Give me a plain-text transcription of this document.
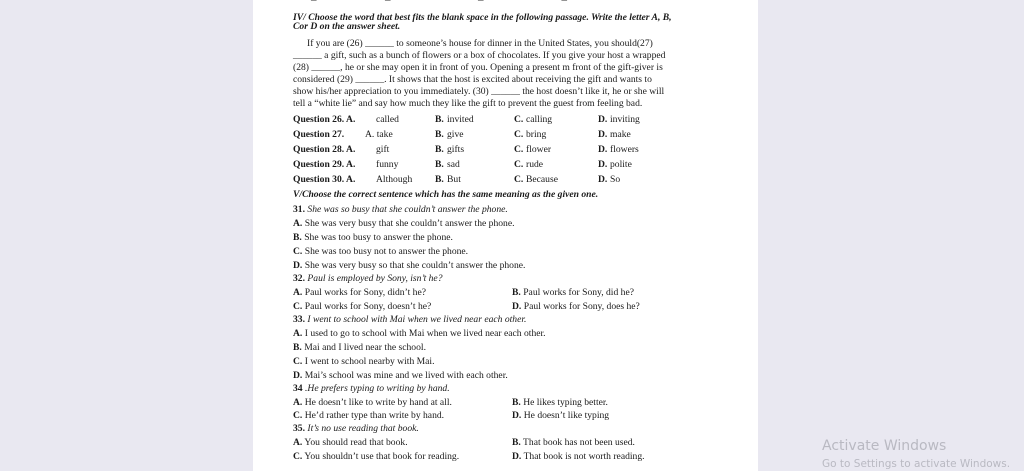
–              –                  –                –
IV/ Choose the word that best fits the blank space in the following passage. Write the letter A, B,
Cor D on the answer sheet.
If you are (26) ______ to someone’s house for dinner in the United States, you should(27)
______ a gift, such as a bunch of flowers or a box of chocolates. If you give your host a wrapped
(28) ______, he or she may open it in front of you. Opening a present m front of the gift-giver is
considered (29) ______. It shows that the host is excited about receiving the gift and wants to
show his/her appreciation to you immediately. (30) ______ the host doesn’t like it, he or she will
tell a “white lie” and say how much they like the gift to prevent the guest from feeling bad.
Question 26. A. called	B. invited	C. calling	D. inviting
Question 27. A. take	B. give	C. bring	D. make
Question 28. A. gift	B. gifts	C. flower	D. flowers
Question 29. A. funny	B. sad	C. rude	D. polite
Question 30. A. Although B. But	C. Because	D. So
V/Choose the correct sentence which has the same meaning as the given one.
31. She was so busy that she couldn’t answer the phone.
A. She was very busy that she couldn’t answer the phone.
B. She was too busy to answer the phone.
C. She was too busy not to answer the phone.
D. She was very busy so that she couldn’t answer the phone.
32. Paul is employed by Sony, isn’t he?
A. Paul works for Sony, didn’t he?	B. Paul works for Sony, did he?
C. Paul works for Sony, doesn’t he?	D. Paul works for Sony, does he?
33. I went to school with Mai when we lived near each other.
A. I used to go to school with Mai when we lived near each other.
B. Mai and I lived near the school.
C. I went to school nearby with Mai.
D. Mai’s school was mine and we lived with each other.
34 .He prefers typing to writing by hand.
A. He doesn’t like to write by hand at all.	B. He likes typing better.
C. He’d rather type than write by hand.	D. He doesn’t like typing
35. It’s no use reading that book.
A. You should read that book.	B. That book has not been used.
C. You shouldn’t use that book for reading.	D. That book is not worth reading.
Activate Windows
Go to Settings to activate Windows.
